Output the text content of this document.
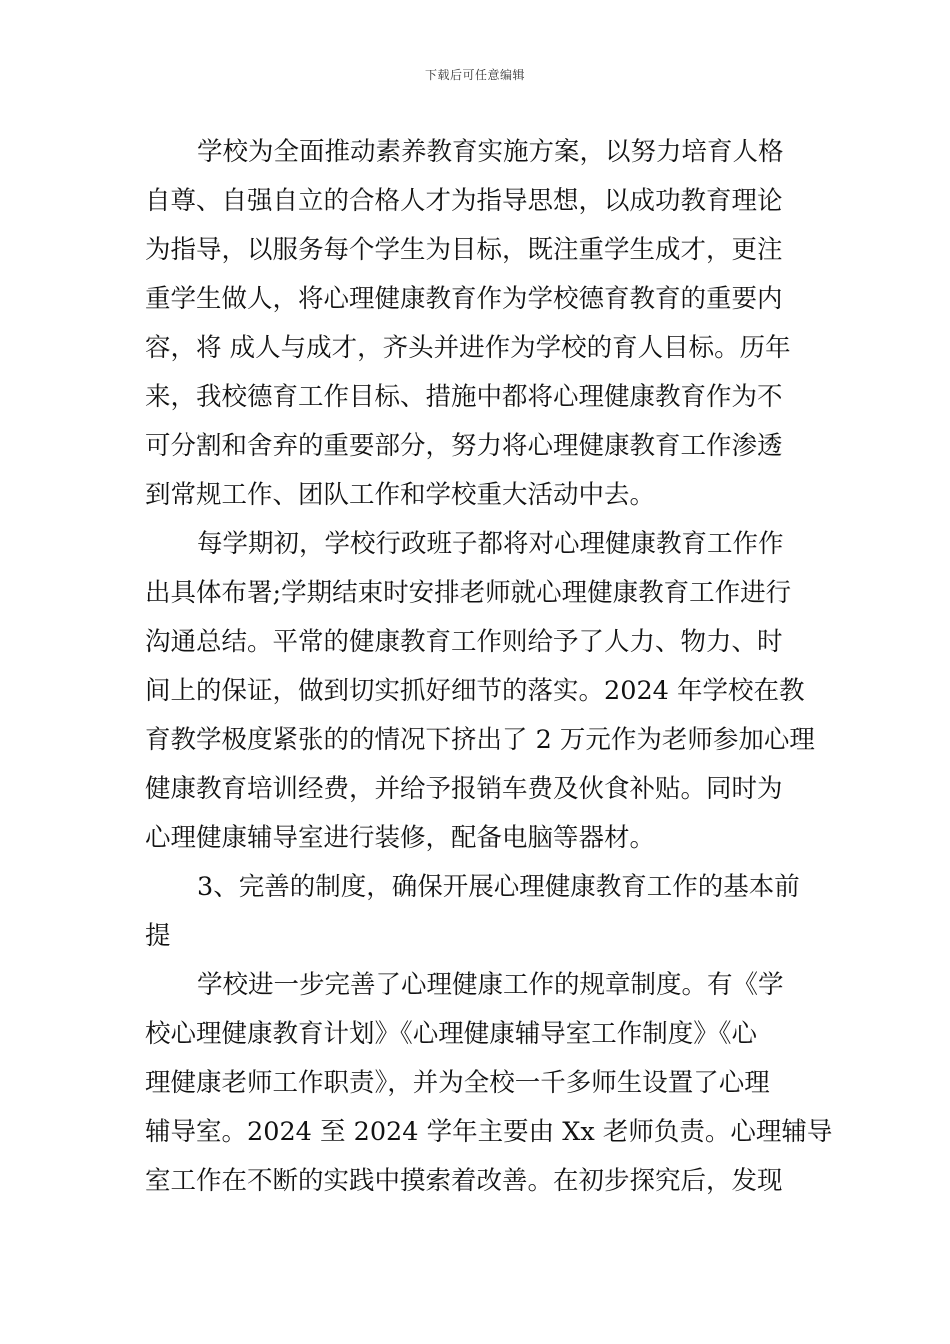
下载后可任意编辑
学校为全面推动素养教育实施方案，以努力培育人格
自尊、自强自立的合格人才为指导思想，以成功教育理论
为指导，以服务每个学生为目标，既注重学生成才，更注
重学生做人，将心理健康教育作为学校德育教育的重要内
容，将 成人与成才，齐头并进作为学校的育人目标。历年
来，我校德育工作目标、措施中都将心理健康教育作为不
可分割和舍弃的重要部分，努力将心理健康教育工作渗透
到常规工作、团队工作和学校重大活动中去。
每学期初，学校行政班子都将对心理健康教育工作作
出具体布署;学期结束时安排老师就心理健康教育工作进行
沟通总结。平常的健康教育工作则给予了人力、物力、时
间上的保证，做到切实抓好细节的落实。2024 年学校在教
育教学极度紧张的的情况下挤出了 2 万元作为老师参加心理
健康教育培训经费，并给予报销车费及伙食补贴。同时为
心理健康辅导室进行装修，配备电脑等器材。
3、完善的制度，确保开展心理健康教育工作的基本前
提
学校进一步完善了心理健康工作的规章制度。有《学
校心理健康教育计划》《心理健康辅导室工作制度》《心
理健康老师工作职责》，并为全校一千多师生设置了心理
辅导室。2024 至 2024 学年主要由 Xx 老师负责。心理辅导
室工作在不断的实践中摸索着改善。在初步探究后，发现
